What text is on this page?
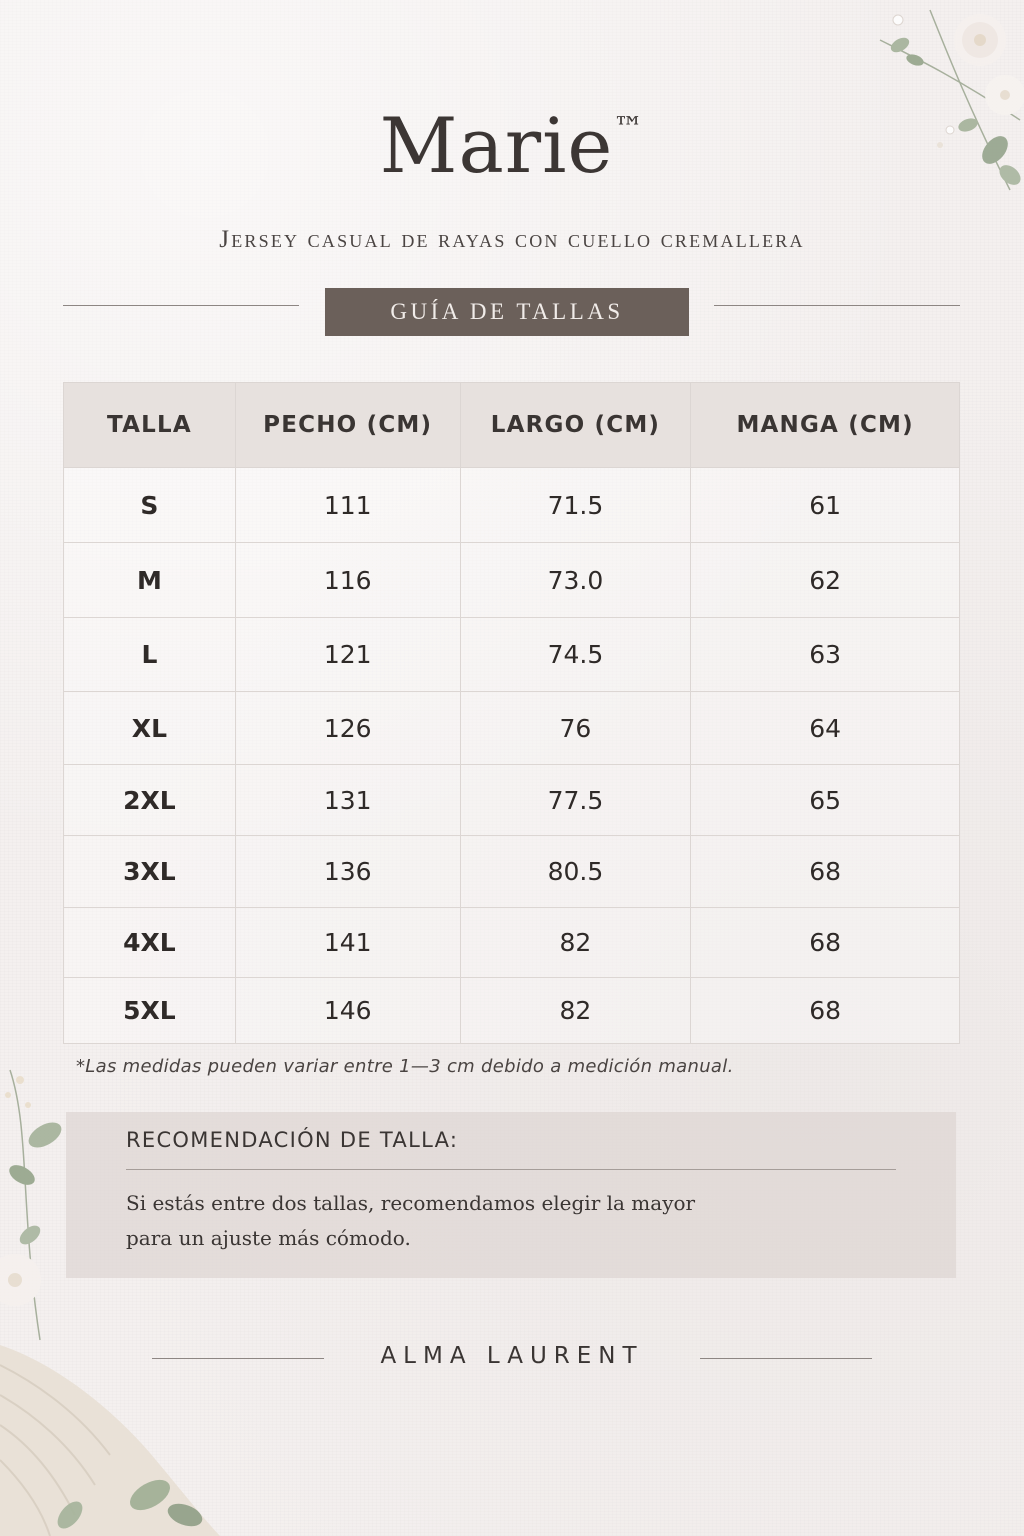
Marie™
Jersey casual de rayas con cuello cremallera
GUÍA DE TALLAS
TALLA	PECHO (CM)	LARGO (CM)	MANGA (CM)
S	111	71.5	61
M	116	73.0	62
L	121	74.5	63
XL	126	76	64
2XL	131	77.5	65
3XL	136	80.5	68
4XL	141	82	68
5XL	146	82	68
*Las medidas pueden variar entre 1—3 cm debido a medición manual.
RECOMENDACIÓN DE TALLA:
Si estás entre dos tallas, recomendamos elegir la mayor
para un ajuste más cómodo.
ALMA LAURENT
